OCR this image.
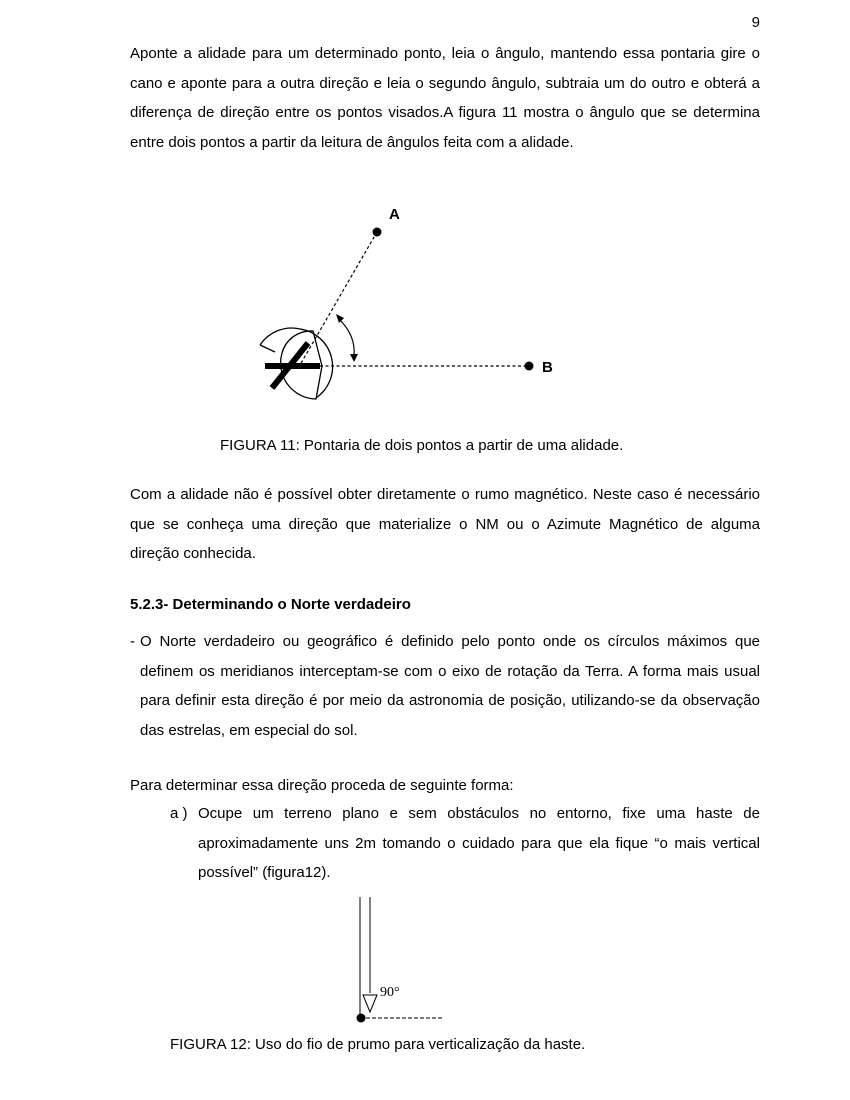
9

Aponte a alidade para um determinado ponto, leia o ângulo, mantendo essa pontaria gire o cano e aponte para a outra direção e leia o segundo ângulo, subtraia um do outro e obterá a diferença de direção entre os pontos visados.A figura 11 mostra o ângulo que se determina entre dois pontos a partir da leitura de ângulos feita com a alidade.

A
B

FIGURA 11: Pontaria de dois pontos a partir de uma alidade.

Com a alidade não é possível obter diretamente o rumo magnético. Neste caso é necessário que se conheça uma direção que materialize o NM ou o Azimute Magnético de alguma direção conhecida.

5.2.3- Determinando o Norte verdadeiro

- O Norte verdadeiro ou geográfico é definido pelo ponto onde os círculos máximos que definem os meridianos interceptam-se com o eixo de rotação da Terra. A forma mais usual para definir esta direção é por meio da astronomia de posição, utilizando-se da observação das estrelas, em especial do sol.

Para determinar essa direção proceda de seguinte forma:

a ) Ocupe um terreno plano e sem obstáculos no entorno, fixe uma haste de aproximadamente uns 2m tomando o cuidado para que ela fique “o mais vertical possível” (figura12).
90°

FIGURA 12: Uso do fio de prumo para verticalização da haste.
